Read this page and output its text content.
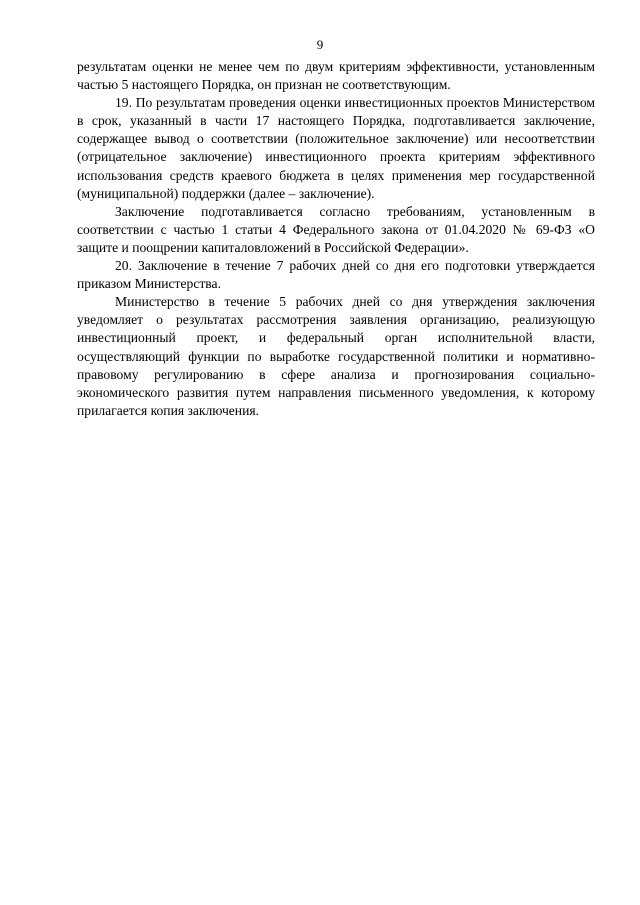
9

результатам оценки не менее чем по двум критериям эффективности, установленным частью 5 настоящего Порядка, он признан не соответствующим.

19. По результатам проведения оценки инвестиционных проектов Министерством в срок, указанный в части 17 настоящего Порядка, подготавливается заключение, содержащее вывод о соответствии (положительное заключение) или несоответствии (отрицательное заключение) инвестиционного проекта критериям эффективного использования средств краевого бюджета в целях применения мер государственной (муниципальной) поддержки (далее – заключение).

Заключение подготавливается согласно требованиям, установленным в соответствии с частью 1 статьи 4 Федерального закона от 01.04.2020 № 69-ФЗ «О защите и поощрении капиталовложений в Российской Федерации».

20. Заключение в течение 7 рабочих дней со дня его подготовки утверждается приказом Министерства.

Министерство в течение 5 рабочих дней со дня утверждения заключения уведомляет о результатах рассмотрения заявления организацию, реализующую инвестиционный проект, и федеральный орган исполнительной власти, осуществляющий функции по выработке государственной политики и нормативно-правовому регулированию в сфере анализа и прогнозирования социально-экономического развития путем направления письменного уведомления, к которому прилагается копия заключения.
